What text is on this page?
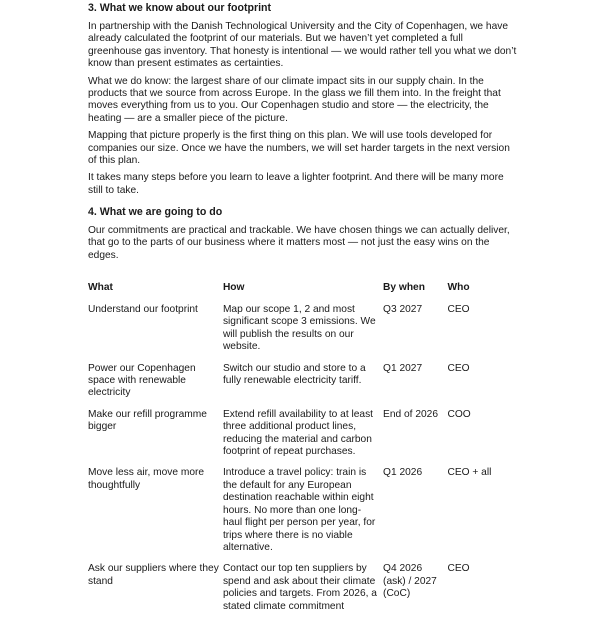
3. What we know about our footprint

In partnership with the Danish Technological University and the City of Copenhagen, we have already calculated the footprint of our materials. But we haven’t yet completed a full greenhouse gas inventory. That honesty is intentional — we would rather tell you what we don’t know than present estimates as certainties.

What we do know: the largest share of our climate impact sits in our supply chain. In the products that we source from across Europe. In the glass we fill them into. In the freight that moves everything from us to you. Our Copenhagen studio and store — the electricity, the heating — are a smaller piece of the picture.

Mapping that picture properly is the first thing on this plan. We will use tools developed for companies our size. Once we have the numbers, we will set harder targets in the next version of this plan.

It takes many steps before you learn to leave a lighter footprint. And there will be many more still to take.

4. What we are going to do

Our commitments are practical and trackable. We have chosen things we can actually deliver, that go to the parts of our business where it matters most — not just the easy wins on the edges.

What	How	By when	Who
Understand our footprint	Map our scope 1, 2 and most significant scope 3 emissions. We will publish the results on our website.	Q3 2027	CEO
Power our Copenhagen space with renewable electricity	Switch our studio and store to a fully renewable electricity tariff.	Q1 2027	CEO
Make our refill programme bigger	Extend refill availability to at least three additional product lines, reducing the material and carbon footprint of repeat purchases.	End of 2026	COO
Move less air, move more thoughtfully	Introduce a travel policy: train is the default for any European destination reachable within eight hours. No more than one long-haul flight per person per year, for trips where there is no viable alternative.	Q1 2026	CEO + all
Ask our suppliers where they stand	Contact our top ten suppliers by spend and ask about their climate policies and targets. From 2026, a stated climate commitment	Q4 2026 (ask) / 2027 (CoC)	CEO
